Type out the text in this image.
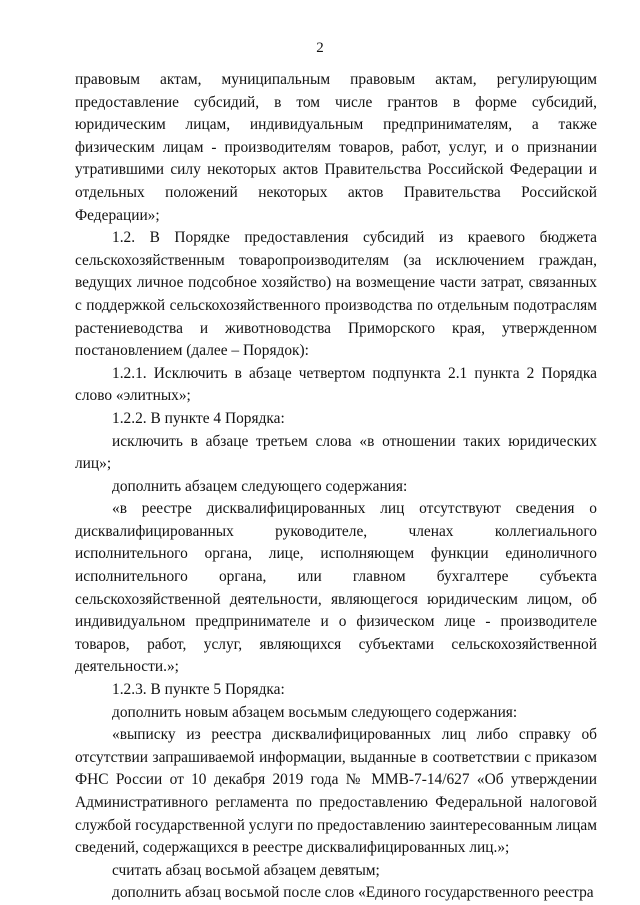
2

правовым актам, муниципальным правовым актам, регулирующим предоставление субсидий, в том числе грантов в форме субсидий, юридическим лицам, индивидуальным предпринимателям, а также физическим лицам - производителям товаров, работ, услуг, и о признании утратившими силу некоторых актов Правительства Российской Федерации и отдельных положений некоторых актов Правительства Российской Федерации»;

1.2. В Порядке предоставления субсидий из краевого бюджета сельскохозяйственным товаропроизводителям (за исключением граждан, ведущих личное подсобное хозяйство) на возмещение части затрат, связанных с поддержкой сельскохозяйственного производства по отдельным подотраслям растениеводства и животноводства Приморского края, утвержденном постановлением (далее – Порядок):

1.2.1. Исключить в абзаце четвертом подпункта 2.1 пункта 2 Порядка слово «элитных»;

1.2.2. В пункте 4 Порядка:

исключить в абзаце третьем слова «в отношении таких юридических лиц»;

дополнить абзацем следующего содержания:

«в реестре дисквалифицированных лиц отсутствуют сведения о дисквалифицированных руководителе, членах коллегиального исполнительного органа, лице, исполняющем функции единоличного исполнительного органа, или главном бухгалтере субъекта сельскохозяйственной деятельности, являющегося юридическим лицом, об индивидуальном предпринимателе и о физическом лице - производителе товаров, работ, услуг, являющихся субъектами сельскохозяйственной деятельности.»;

1.2.3. В пункте 5 Порядка:

дополнить новым абзацем восьмым следующего содержания:

«выписку из реестра дисквалифицированных лиц либо справку об отсутствии запрашиваемой информации, выданные в соответствии с приказом ФНС России от 10 декабря 2019 года № ММВ-7-14/627 «Об утверждении Административного регламента по предоставлению Федеральной налоговой службой государственной услуги по предоставлению заинтересованным лицам сведений, содержащихся в реестре дисквалифицированных лиц.»;

считать абзац восьмой абзацем девятым;

дополнить абзац восьмой после слов «Единого государственного реестра
